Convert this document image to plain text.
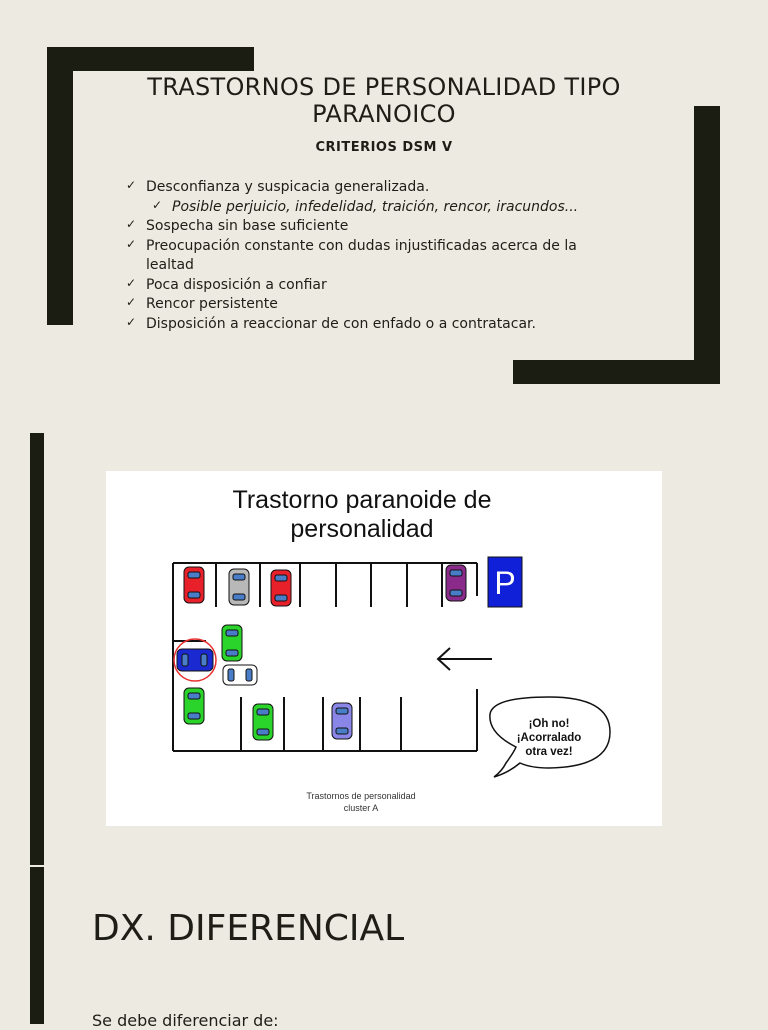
TRASTORNOS DE PERSONALIDAD TIPO PARANOICO
CRITERIOS DSM V
✓ Desconfianza y suspicacia generalizada.
✓ Posible perjuicio, infedelidad, traición, rencor, iracundos...
✓ Sospecha sin base suficiente
✓ Preocupación constante con dudas injustificadas acerca de la lealtad
✓ Poca disposición a confiar
✓ Rencor persistente
✓ Disposición a reaccionar de con enfado o a contratacar.
Trastorno paranoide de
personalidad
P
¡Oh no!
¡Acorralado
otra vez!
Trastornos de personalidad
cluster A
DX. DIFERENCIAL
Se debe diferenciar de:
